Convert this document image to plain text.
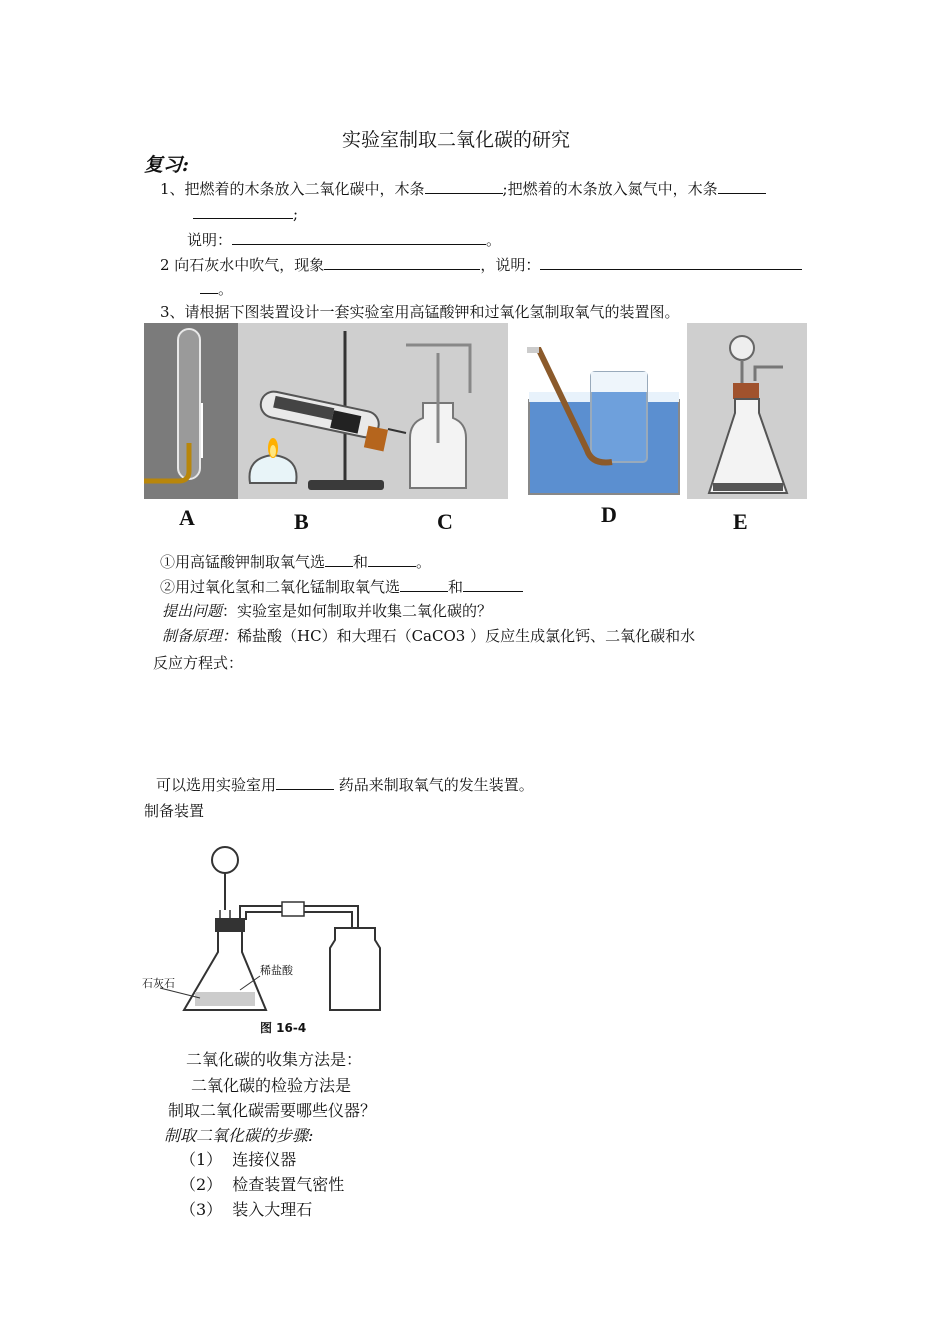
实验室制取二氧化碳的研究
复习:
1、把燃着的木条放入二氧化碳中，木条	;把燃着的木条放入氮气中，木条
;
说明：	。
2 向石灰水中吹气，现象	，说明：
。
3、请根据下图装置设计一套实验室用高锰酸钾和过氧化氢制取氧气的装置图。
A	B	C	D	E
①用高锰酸钾制取氧气选 和	。
②用过氧化氢和二氧化锰制取氧气选	和
提出问题：实验室是如何制取并收集二氧化碳的？
制备原理：稀盐酸（HC）和大理石（CaCO3 ）反应生成氯化钙、二氧化碳和水
反应方程式：
可以选用实验室用	药品来制取氧气的发生装置。
制备装置
石灰石
稀盐酸
图 16-4
二氧化碳的收集方法是：
二氧化碳的检验方法是
制取二氧化碳需要哪些仪器？
制取二氧化碳的步骤:
（1） 连接仪器
（2） 检查装置气密性
（3） 装入大理石
